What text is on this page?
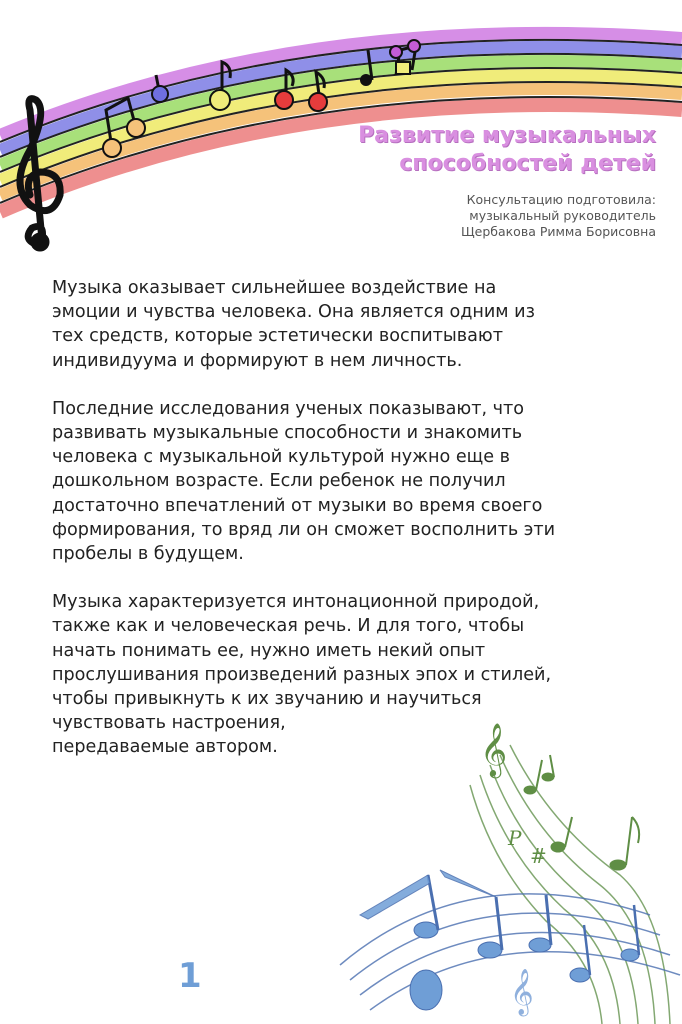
Развитие музыкальных
способностей детей
Консультацию подготовила:
музыкальный руководитель
Щербакова Римма Борисовна

Музыка оказывает сильнейшее воздействие на
эмоции и чувства человека. Она является одним из
тех средств, которые эстетически воспитывают
индивидуума и формируют в нем личность.

Последние исследования ученых показывают, что
развивать музыкальные способности и знакомить
человека с музыкальной культурой нужно еще в
дошкольном возрасте. Если ребенок не получил
достаточно впечатлений от музыки во время своего
формирования, то вряд ли он сможет восполнить эти
пробелы в будущем.

Музыка характеризуется интонационной природой,
также как и человеческая речь. И для того, чтобы
начать понимать ее, нужно иметь некий опыт
прослушивания произведений разных эпох и стилей,
чтобы привыкнуть к их звучанию и научиться
чувствовать настроения,
передаваемые автором.	𝄞
P
#
𝄞
1
